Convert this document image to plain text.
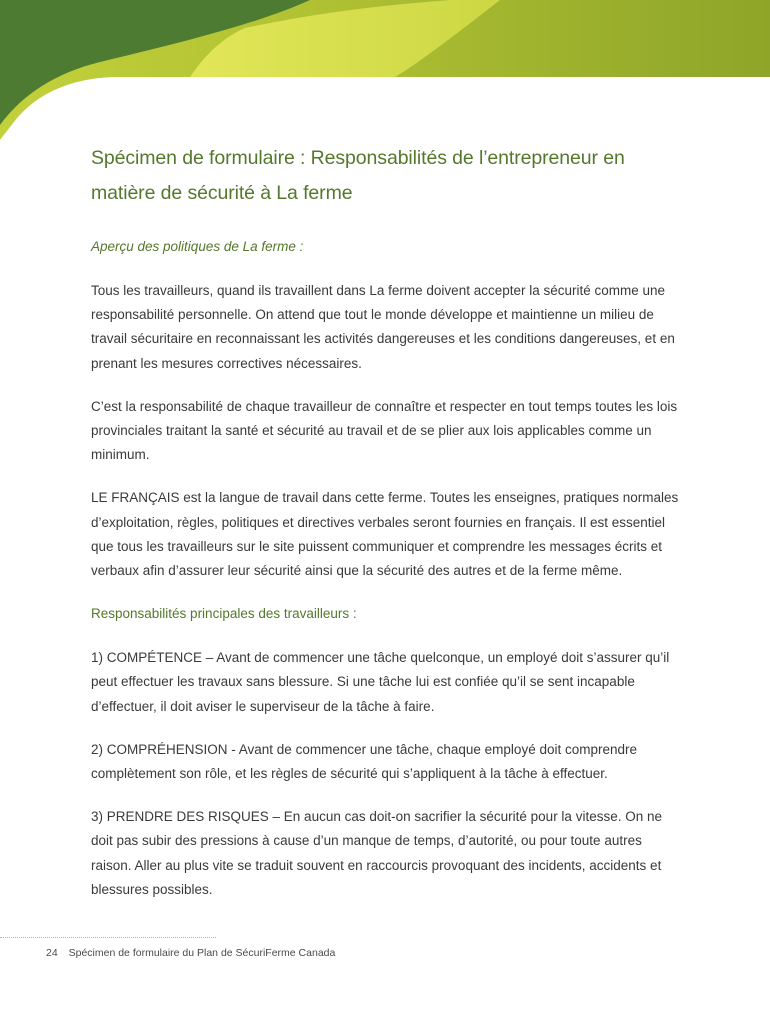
Spécimen de formulaire : Responsabilités de l’entrepreneur en matière de sécurité à La ferme

Aperçu des politiques de La ferme :

Tous les travailleurs, quand ils travaillent dans La ferme doivent accepter la sécurité comme une responsabilité personnelle. On attend que tout le monde développe et maintienne un milieu de travail sécuritaire en reconnaissant les activités dangereuses et les conditions dangereuses, et en prenant les mesures correctives nécessaires.

C’est la responsabilité de chaque travailleur de connaître et respecter en tout temps toutes les lois provinciales traitant la santé et sécurité au travail et de se plier aux lois applicables comme un minimum.

LE FRANÇAIS est la langue de travail dans cette ferme. Toutes les enseignes, pratiques normales d’exploitation, règles, politiques et directives verbales seront fournies en français. Il est essentiel que tous les travailleurs sur le site puissent communiquer et comprendre les messages écrits et verbaux afin d’assurer leur sécurité ainsi que la sécurité des autres et de la ferme même.

Responsabilités principales des travailleurs :

1) COMPÉTENCE – Avant de commencer une tâche quelconque, un employé doit s’assurer qu’il peut effectuer les travaux sans blessure. Si une tâche lui est confiée qu’il se sent incapable d’effectuer, il doit aviser le superviseur de la tâche à faire.

2) COMPRÉHENSION - Avant de commencer une tâche, chaque employé doit comprendre complètement son rôle, et les règles de sécurité qui s’appliquent à la tâche à effectuer.

3) PRENDRE DES RISQUES – En aucun cas doit-on sacrifier la sécurité pour la vitesse. On ne doit pas subir des pressions à cause d’un manque de temps, d’autorité, ou pour toute autres raison. Aller au plus vite se traduit souvent en raccourcis provoquant des incidents, accidents et blessures possibles.

24 Spécimen de formulaire du Plan de SécuriFerme Canada
